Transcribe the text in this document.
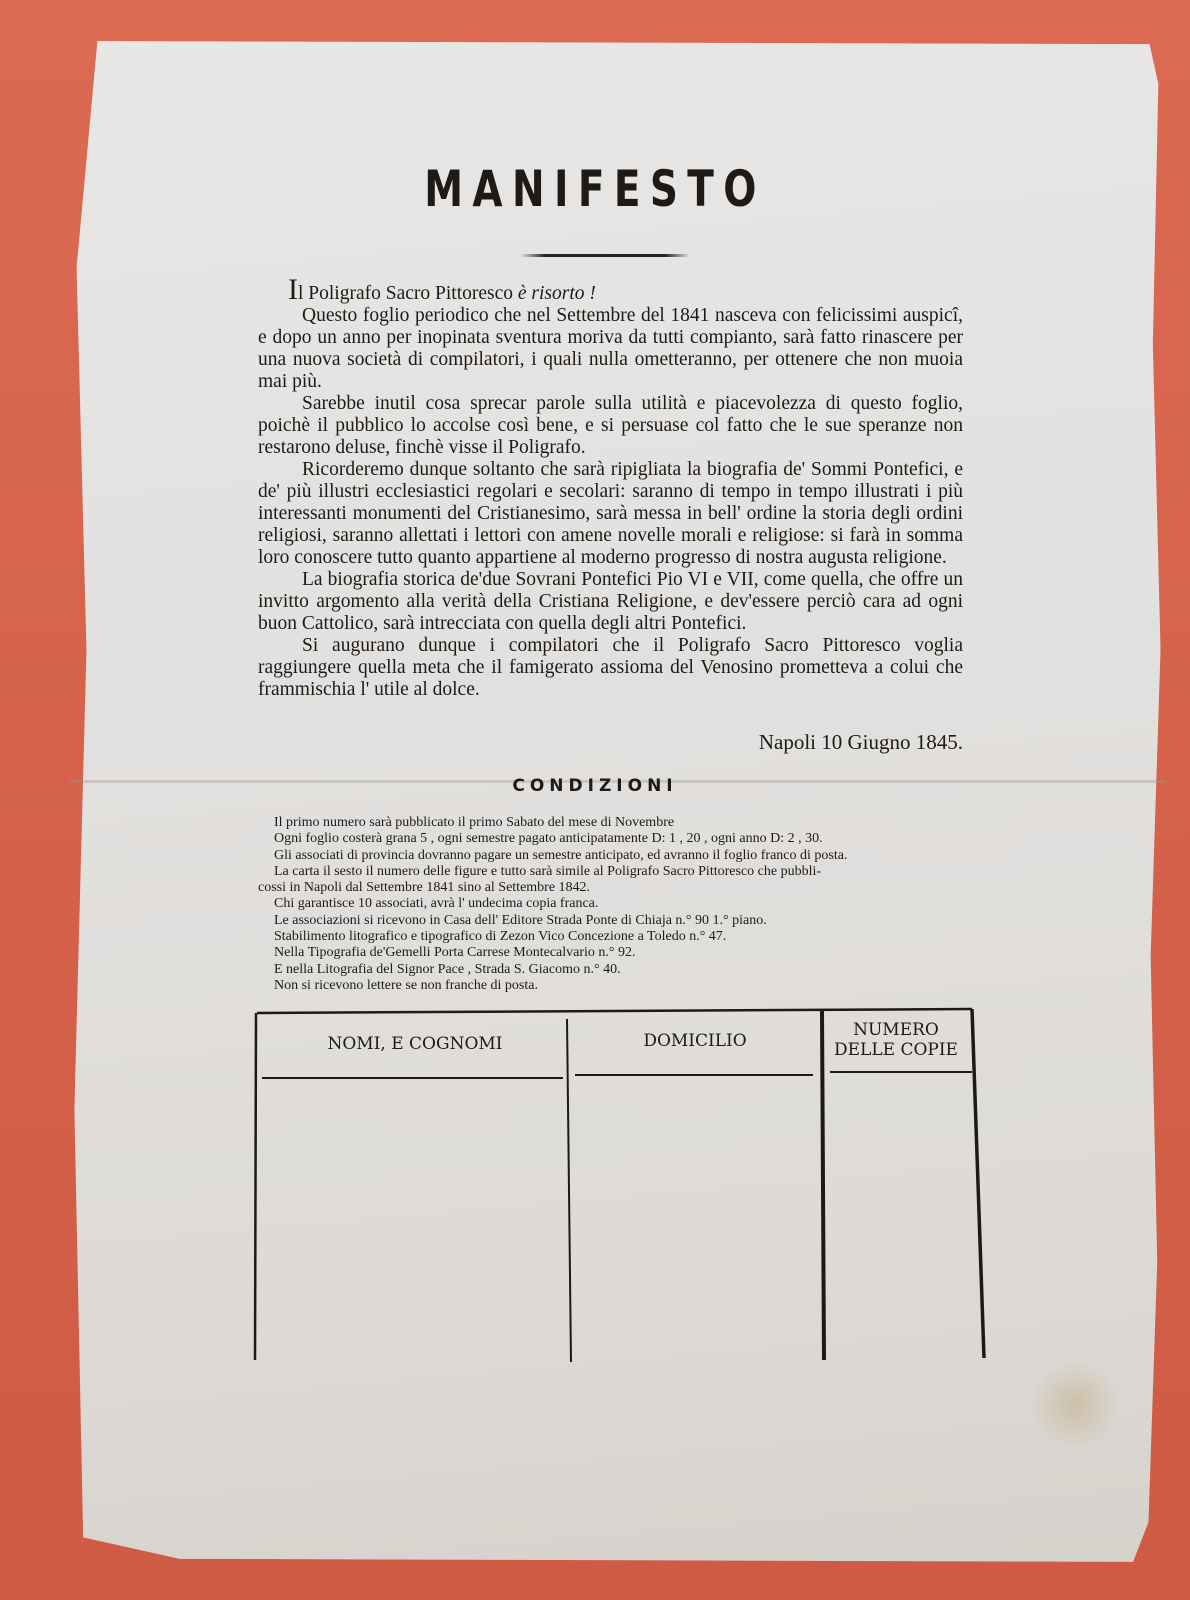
MANIFESTO

Il Poligrafo Sacro Pittoresco è risorto !

Questo foglio periodico che nel Settembre del 1841 nasceva con felicissimi auspicî, e dopo un anno per inopinata sventura moriva da tutti compianto, sarà fatto rinascere per una nuova società di compilatori, i quali nulla ometteranno, per ottenere che non muoia mai più.

Sarebbe inutil cosa sprecar parole sulla utilità e piacevolezza di questo foglio, poichè il pubblico lo accolse così bene, e si persuase col fatto che le sue speranze non restarono deluse, finchè visse il Poligrafo.

Ricorderemo dunque soltanto che sarà ripigliata la biografia de' Sommi Pontefici, e de' più illustri ecclesiastici regolari e secolari: saranno di tempo in tempo illustrati i più interessanti monumenti del Cristianesimo, sarà messa in bell' ordine la storia degli ordini religiosi, saranno allettati i lettori con amene novelle morali e religiose: si farà in somma loro conoscere tutto quanto appartiene al moderno progresso di nostra augusta religione.

La biografia storica de'due Sovrani Pontefici Pio VI e VII, come quella, che offre un invitto argomento alla verità della Cristiana Religione, e dev'essere perciò cara ad ogni buon Cattolico, sarà intrecciata con quella degli altri Pontefici.

Si augurano dunque i compilatori che il Poligrafo Sacro Pittoresco voglia raggiungere quella meta che il famigerato assioma del Venosino prometteva a colui che frammischia l' utile al dolce.

Napoli 10 Giugno 1845.
CONDIZIONI
Il primo numero sarà pubblicato il primo Sabato del mese di Novembre
Ogni foglio costerà grana 5 , ogni semestre pagato anticipatamente D: 1 , 20 , ogni anno D: 2 , 30.
Gli associati di provincia dovranno pagare un semestre anticipato, ed avranno il foglio franco di posta.
La carta il sesto il numero delle figure e tutto sarà simile al Poligrafo Sacro Pittoresco che pubbli-
cossi in Napoli dal Settembre 1841 sino al Settembre 1842.
Chi garantisce 10 associati, avrà l' undecima copia franca.
Le associazioni si ricevono in Casa dell' Editore Strada Ponte di Chiaja n.° 90 1.° piano.
Stabilimento litografico e tipografico di Zezon Vico Concezione a Toledo n.° 47.
Nella Tipografia de'Gemelli Porta Carrese Montecalvario n.° 92.
E nella Litografia del Signor Pace , Strada S. Giacomo n.° 40.
Non si ricevono lettere se non franche di posta.
NOMI, E COGNOMI	DOMICILIO
NUMERO
DELLE COPIE
